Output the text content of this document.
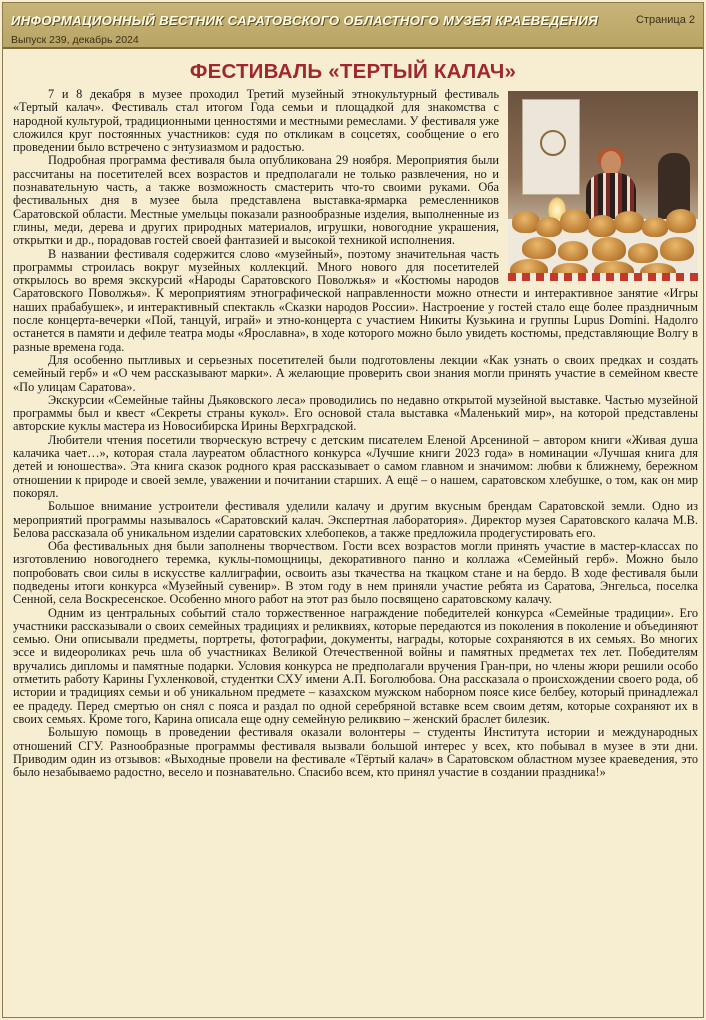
ИНФОРМАЦИОННЫЙ ВЕСТНИК САРАТОВСКОГО ОБЛАСТНОГО МУЗЕЯ КРАЕВЕДЕНИЯ
Выпуск 239, декабрь 2024
Страница 2
ФЕСТИВАЛЬ «ТЕРТЫЙ КАЛАЧ»

7 и 8 декабря в музее проходил Третий музейный этнокультурный фестиваль «Тертый калач». Фестиваль стал итогом Года семьи и площадкой для знакомства с народной культурой, традиционными ценностями и местными ремеслами. У фестиваля уже сложился круг постоянных участников: судя по откликам в соцсетях, сообщение о его проведении было встречено с энтузиазмом и радостью.

Подробная программа фестиваля была опубликована 29 ноября. Мероприятия были рассчитаны на посетителей всех возрастов и предполагали не только развлечения, но и познавательную часть, а также возможность смастерить что-то своими руками. Оба фестивальных дня в музее была представлена выставка-ярмарка ремесленников Саратовской области. Местные умельцы показали разнообразные изделия, выполненные из глины, меди, дерева и других природных материалов, игрушки, новогодние украшения, открытки и др., порадовав гостей своей фантазией и высокой техникой исполнения.

В названии фестиваля содержится слово «музейный», поэтому значительная часть программы строилась вокруг музейных коллекций. Много нового для посетителей открылось во время экскурсий «Народы Саратовского Поволжья» и «Костюмы народов Саратовского Поволжья». К мероприятиям этнографической направленности можно отнести и интерактивное занятие «Игры наших прабабушек», и интерактивный спектакль «Сказки народов России». Настроение у гостей стало еще более праздничным после концерта-вечерки «Пой, танцуй, играй» и этно-концерта с участием Никиты Кузькина и группы Lupus Domini. Надолго останется в памяти и дефиле театра моды «Ярославна», в ходе которого можно было увидеть костюмы, представляющие Волгу в разные времена года.

Для особенно пытливых и серьезных посетителей были подготовлены лекции «Как узнать о своих предках и создать семейный герб» и «О чем рассказывают марки». А желающие проверить свои знания могли принять участие в семейном квесте «По улицам Саратова».

Экскурсии «Семейные тайны Дьяковского леса» проводились по недавно открытой музейной выставке. Частью музейной программы был и квест «Секреты страны кукол». Его основой стала выставка «Маленький мир», на которой представлены авторские куклы мастера из Новосибирска Ирины Верхградской.

Любители чтения посетили творческую встречу с детским писателем Еленой Арсениной – автором книги «Живая душа калачика чает…», которая стала лауреатом областного конкурса «Лучшие книги 2023 года» в номинации «Лучшая книга для детей и юношества». Эта книга сказок родного края рассказывает о самом главном и значимом: любви к ближнему, бережном отношении к природе и своей земле, уважении и почитании старших. А ещё – о нашем, саратовском хлебушке, о том, как он мир покорял.

Большое внимание устроители фестиваля уделили калачу и другим вкусным брендам Саратовской земли. Одно из мероприятий программы называлось «Саратовский калач. Экспертная лаборатория». Директор музея Саратовского калача М.В. Белова рассказала об уникальном изделии саратовских хлебопеков, а также предложила продегустировать его.

Оба фестивальных дня были заполнены творчеством. Гости всех возрастов могли принять участие в мастер-классах по изготовлению новогоднего теремка, куклы-помощницы, декоративного панно и коллажа «Семейный герб». Можно было попробовать свои силы в искусстве каллиграфии, освоить азы ткачества на ткацком стане и на бердо. В ходе фестиваля были подведены итоги конкурса «Музейный сувенир». В этом году в нем приняли участие ребята из Саратова, Энгельса, поселка Сенной, села Воскресенское. Особенно много работ на этот раз было посвящено саратовскому калачу.

Одним из центральных событий стало торжественное награждение победителей конкурса «Семейные традиции». Его участники рассказывали о своих семейных традициях и реликвиях, которые передаются из поколения в поколение и объединяют семью. Они описывали предметы, портреты, фотографии, документы, награды, которые сохраняются в их семьях. Во многих эссе и видеороликах речь шла об участниках Великой Отечественной войны и памятных предметах тех лет. Победителям вручались дипломы и памятные подарки. Условия конкурса не предполагали вручения Гран-при, но члены жюри решили особо отметить работу Карины Гухленковой, студентки СХУ имени А.П. Боголюбова. Она рассказала о происхождении своего рода, об истории и традициях семьи и об уникальном предмете – казахском мужском наборном поясе кисе белбеу, который принадлежал ее прадеду. Перед смертью он снял с пояса и раздал по одной серебряной вставке всем своим детям, которые сохраняют их в своих семьях. Кроме того, Карина описала еще одну семейную реликвию – женский браслет билезик.

Большую помощь в проведении фестиваля оказали волонтеры – студенты Института истории и международных отношений СГУ. Разнообразные программы фестиваля вызвали большой интерес у всех, кто побывал в музее в эти дни. Приводим один из отзывов: «Выходные провели на фестивале «Тёртый калач» в Саратовском областном музее краеведения, это было незабываемо радостно, весело и познавательно. Спасибо всем, кто принял участие в создании праздника!»
